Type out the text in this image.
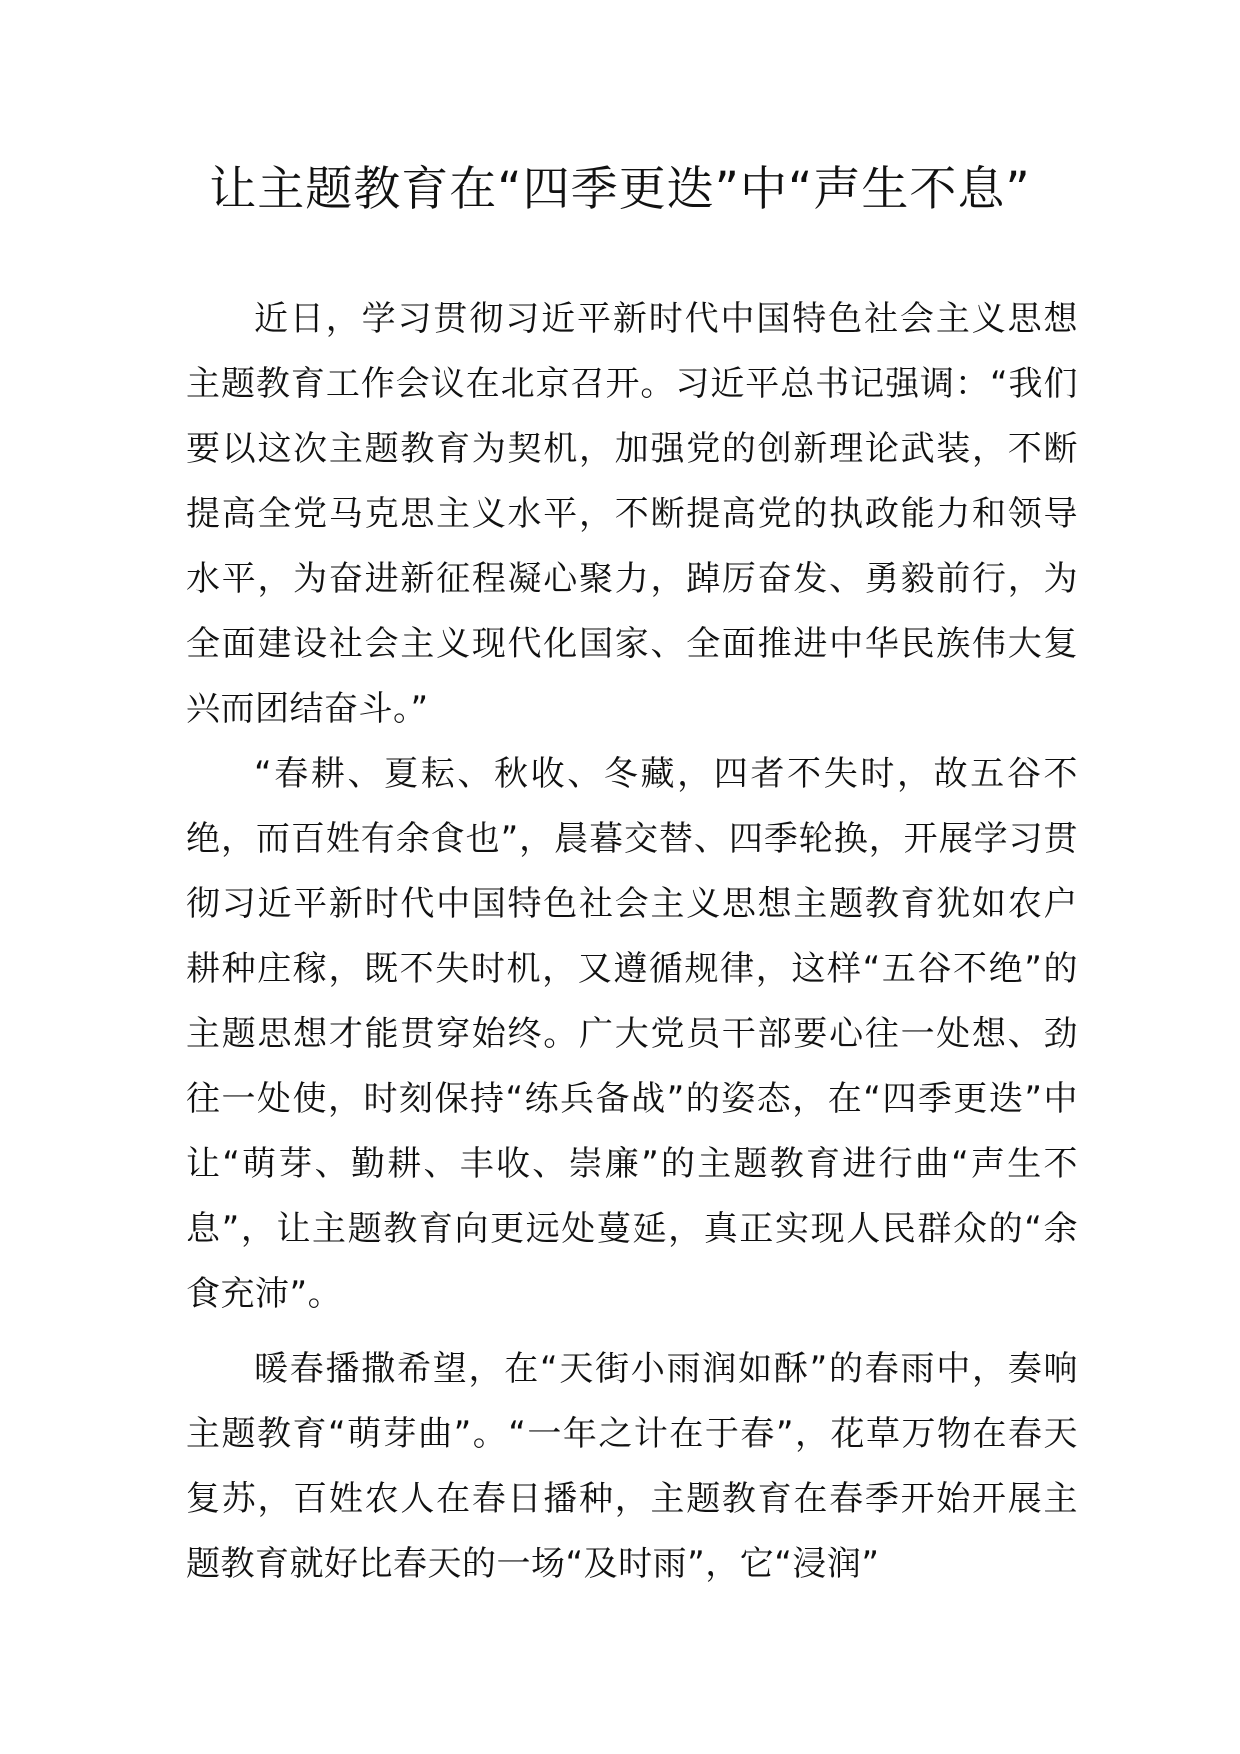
让主题教育在“四季更迭”中“声生不息”

近日，学习贯彻习近平新时代中国特色社会主义思想主题教育工作会议在北京召开。习近平总书记强调：“我们要以这次主题教育为契机，加强党的创新理论武装，不断提高全党马克思主义水平，不断提高党的执政能力和领导水平，为奋进新征程凝心聚力，踔厉奋发、勇毅前行，为全面建设社会主义现代化国家、全面推进中华民族伟大复兴而团结奋斗。”

“春耕、夏耘、秋收、冬藏，四者不失时，故五谷不绝，而百姓有余食也”，晨暮交替、四季轮换，开展学习贯彻习近平新时代中国特色社会主义思想主题教育犹如农户耕种庄稼，既不失时机，又遵循规律，这样“五谷不绝”的主题思想才能贯穿始终。广大党员干部要心往一处想、劲往一处使，时刻保持“练兵备战”的姿态，在“四季更迭”中让“萌芽、勤耕、丰收、崇廉”的主题教育进行曲“声生不息”，让主题教育向更远处蔓延，真正实现人民群众的“余食充沛”。

暖春播撒希望，在“天街小雨润如酥”的春雨中，奏响主题教育“萌芽曲”。“一年之计在于春”，花草万物在春天复苏，百姓农人在春日播种，主题教育在春季开始开展主题教育就好比春天的一场“及时雨”，它“浸润”
